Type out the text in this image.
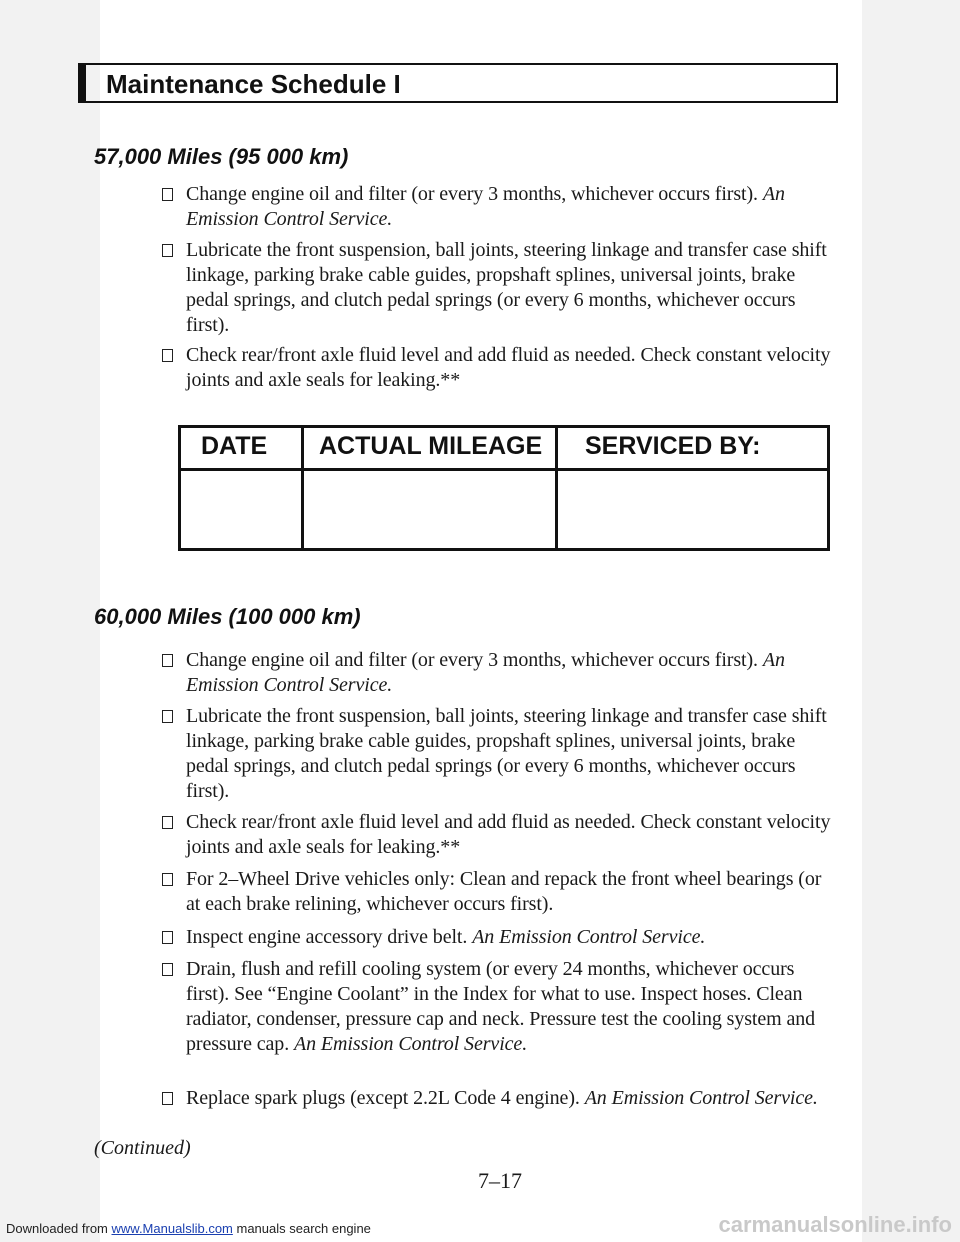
Maintenance Schedule I
57,000 Miles (95 000 km)
Change engine oil and filter (or every 3 months, whichever occurs first). An Emission Control Service.
Lubricate the front suspension, ball joints, steering linkage and transfer case shift linkage, parking brake cable guides, propshaft splines, universal joints, brake pedal springs, and clutch pedal springs (or every 6 months, whichever occurs first).
Check rear/front axle fluid level and add fluid as needed. Check constant velocity joints and axle seals for leaking.**
DATE ACTUAL MILEAGE SERVICED BY:
60,000 Miles (100 000 km)
Change engine oil and filter (or every 3 months, whichever occurs first). An Emission Control Service.
Lubricate the front suspension, ball joints, steering linkage and transfer case shift linkage, parking brake cable guides, propshaft splines, universal joints, brake pedal springs, and clutch pedal springs (or every 6 months, whichever occurs first).
Check rear/front axle fluid level and add fluid as needed. Check constant velocity joints and axle seals for leaking.**
For 2–Wheel Drive vehicles only: Clean and repack the front wheel bearings (or at each brake relining, whichever occurs first).
Inspect engine accessory drive belt. An Emission Control Service.
Drain, flush and refill cooling system (or every 24 months, whichever occurs first). See “Engine Coolant” in the Index for what to use. Inspect hoses. Clean radiator, condenser, pressure cap and neck. Pressure test the cooling system and pressure cap. An Emission Control Service.
Replace spark plugs (except 2.2L Code 4 engine). An Emission Control Service.
(Continued)
7–17
Downloaded from www.Manualslib.com manuals search engine	carmanualsonline.info
